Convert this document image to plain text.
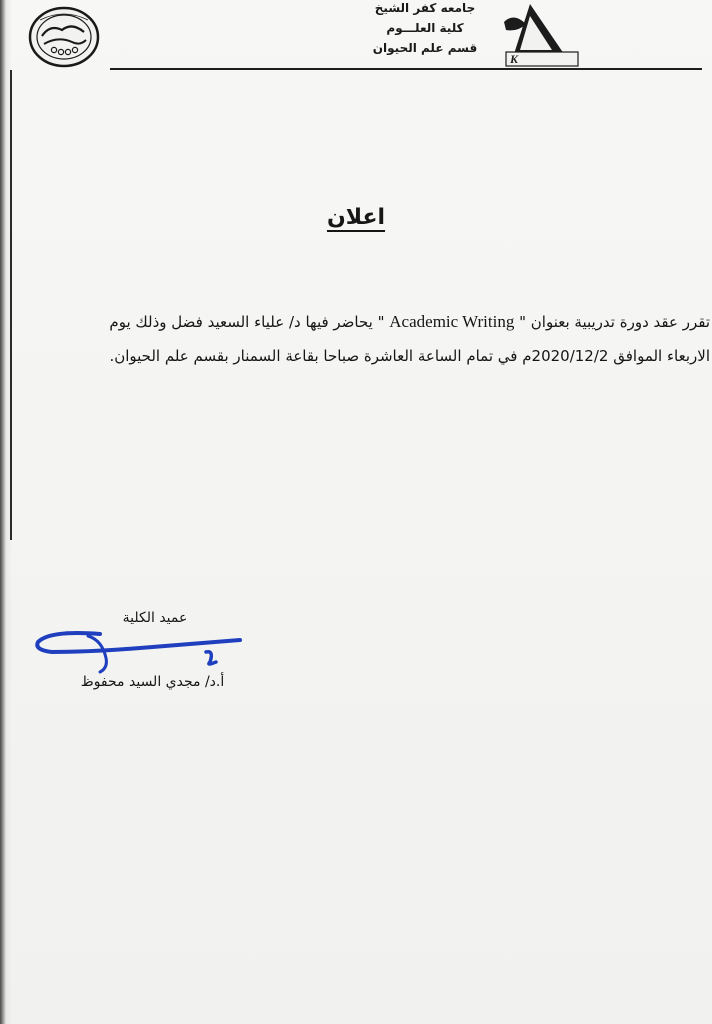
جامعه كفر الشيخ
كلية العلـــوم
قسم علم الحيوان
K
اعلان
تقرر عقد دورة تدريبية بعنوان " Academic Writing " يحاضر فيها د/ علياء السعيد فضل وذلك يوم
الاربعاء الموافق 2020/12/2م في تمام الساعة العاشرة صباحا بقاعة السمنار بقسم علم الحيوان.
عميد الكلية
أ.د/ مجدي السيد محفوظ
